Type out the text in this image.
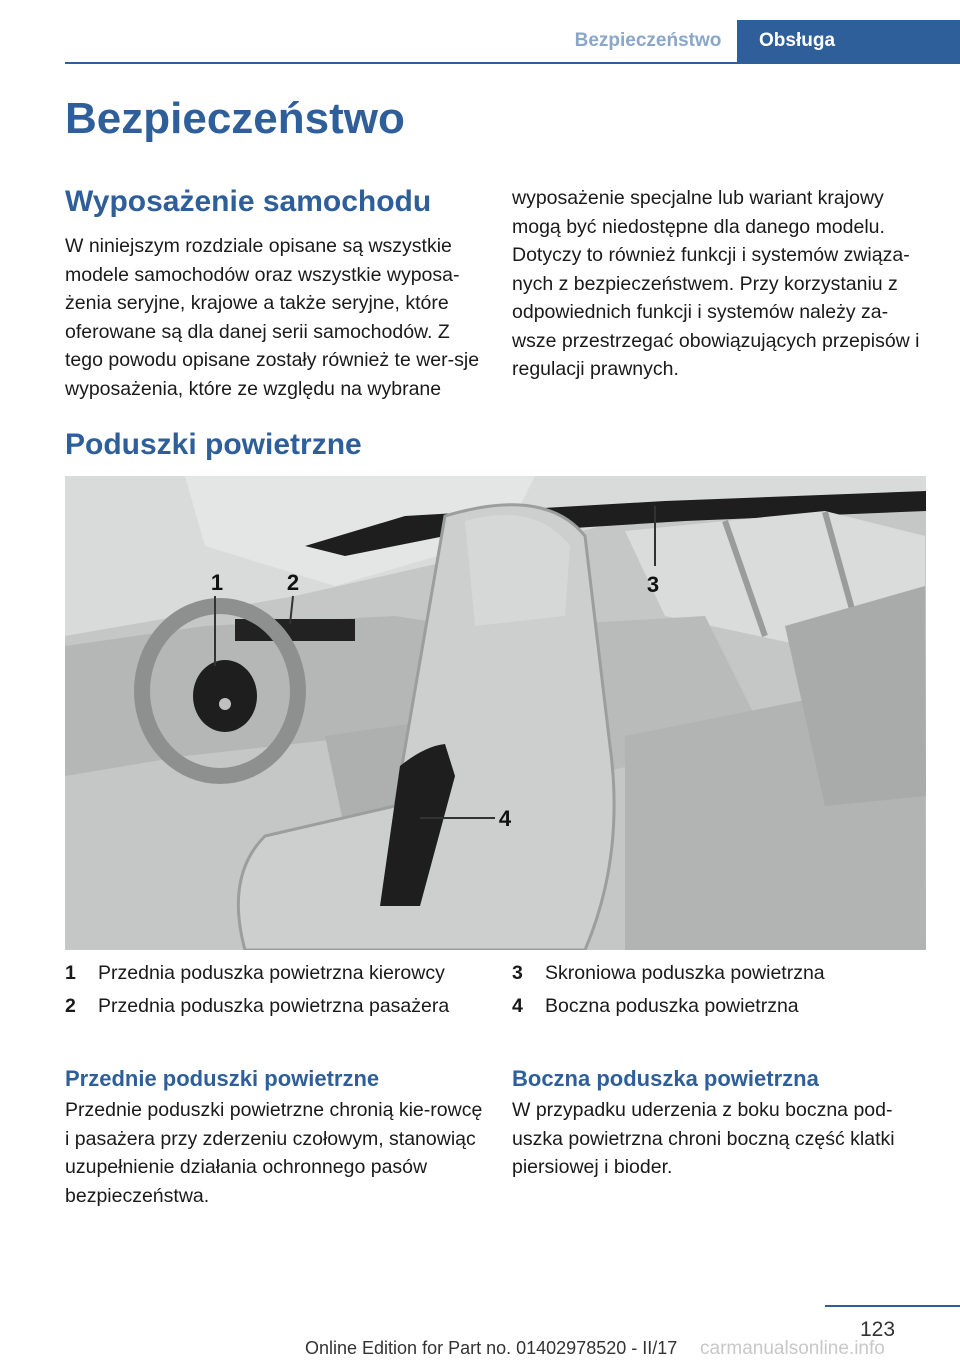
Bezpieczeństwo	Obsługa
Bezpieczeństwo
Wyposażenie samochodu

W niniejszym rozdziale opisane są wszystkie modele samochodów oraz wszystkie wyposa‐żenia seryjne, krajowe a także seryjne, które oferowane są dla danej serii samochodów. Z tego powodu opisane zostały również te wer‐sje wyposażenia, które ze względu na wybrane

wyposażenie specjalne lub wariant krajowy mogą być niedostępne dla danego modelu. Dotyczy to również funkcji i systemów związa‐nych z bezpieczeństwem. Przy korzystaniu z odpowiednich funkcji i systemów należy za‐wsze przestrzegać obowiązujących przepisów i regulacji prawnych.

Poduszki powietrzne
1	2	3
4
1	Przednia poduszka powietrzna kierowcy
2	Przednia poduszka powietrzna pasażera
3	Skroniowa poduszka powietrzna
4	Boczna poduszka powietrzna
Przednie poduszki powietrzne

Przednie poduszki powietrzne chronią kie‐rowcę i pasażera przy zderzeniu czołowym, stanowiąc uzupełnienie działania ochronnego pasów bezpieczeństwa.

Boczna poduszka powietrzna

W przypadku uderzenia z boku boczna pod‐uszka powietrzna chroni boczną część klatki piersiowej i bioder.

123
Online Edition for Part no. 01402978520 - II/17 carmanualsonline.info
